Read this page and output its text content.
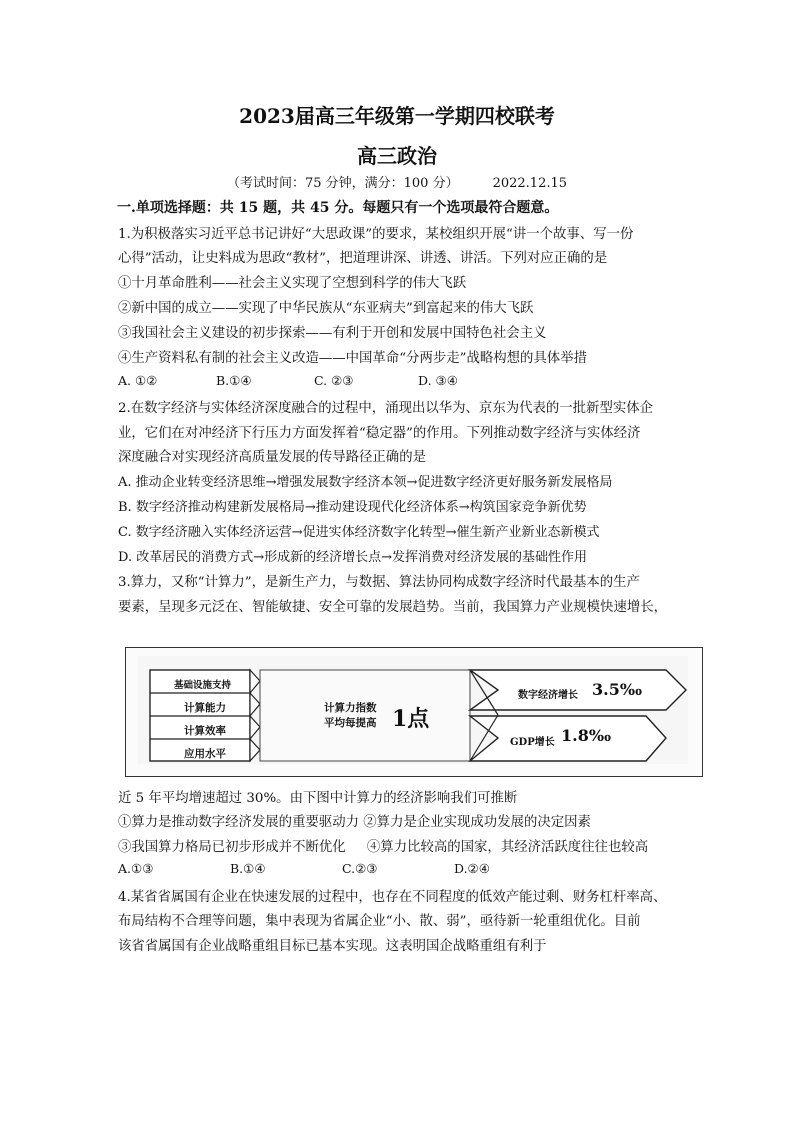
2023届高三年级第一学期四校联考
高三政治
（考试时间：75 分钟，满分：100 分）	2022.12.15
一.单项选择题：共 15 题，共 45 分。每题只有一个选项最符合题意。
1.为积极落实习近平总书记讲好“大思政课”的要求，某校组织开展“讲一个故事、写一份
心得”活动，让史料成为思政“教材”，把道理讲深、讲透、讲活。下列对应正确的是
①十月革命胜利——社会主义实现了空想到科学的伟大飞跃
②新中国的成立——实现了中华民族从“东亚病夫”到富起来的伟大飞跃
③我国社会主义建设的初步探索——有利于开创和发展中国特色社会主义
④生产资料私有制的社会主义改造——中国革命“分两步走”战略构想的具体举措
A. ①②	B.①④	C. ②③	D. ③④
2.在数字经济与实体经济深度融合的过程中，涌现出以华为、京东为代表的一批新型实体企
业，它们在对冲经济下行压力方面发挥着“稳定器”的作用。下列推动数字经济与实体经济
深度融合对实现经济高质量发展的传导路径正确的是
A. 推动企业转变经济思维→增强发展数字经济本领→促进数字经济更好服务新发展格局
B. 数字经济推动构建新发展格局→推动建设现代化经济体系→构筑国家竞争新优势
C. 数字经济融入实体经济运营→促进实体经济数字化转型→催生新产业新业态新模式
D. 改革居民的消费方式→形成新的经济增长点→发挥消费对经济发展的基础性作用
3.算力，又称“计算力”，是新生产力，与数据、算法协同构成数字经济时代最基本的生产
要素，呈现多元泛在、智能敏捷、安全可靠的发展趋势。当前，我国算力产业规模快速增长，
基础设施支持
计算能力
计算效率
应用水平
计算力指数
平均每提高 1点
数字经济增长 3.5‰
GDP增长 1.8‰
近 5 年平均增速超过 30%。由下图中计算力的经济影响我们可推断
①算力是推动数字经济发展的重要驱动力 ②算力是企业实现成功发展的决定因素
③我国算力格局已初步形成并不断优化     ④算力比较高的国家，其经济活跃度往往也较高
A.①③	B.①④	C.②③	D.②④
4.某省省属国有企业在快速发展的过程中，也存在不同程度的低效产能过剩、财务杠杆率高、
布局结构不合理等问题，集中表现为省属企业“小、散、弱”，亟待新一轮重组优化。目前
该省省属国有企业战略重组目标已基本实现。这表明国企战略重组有利于
